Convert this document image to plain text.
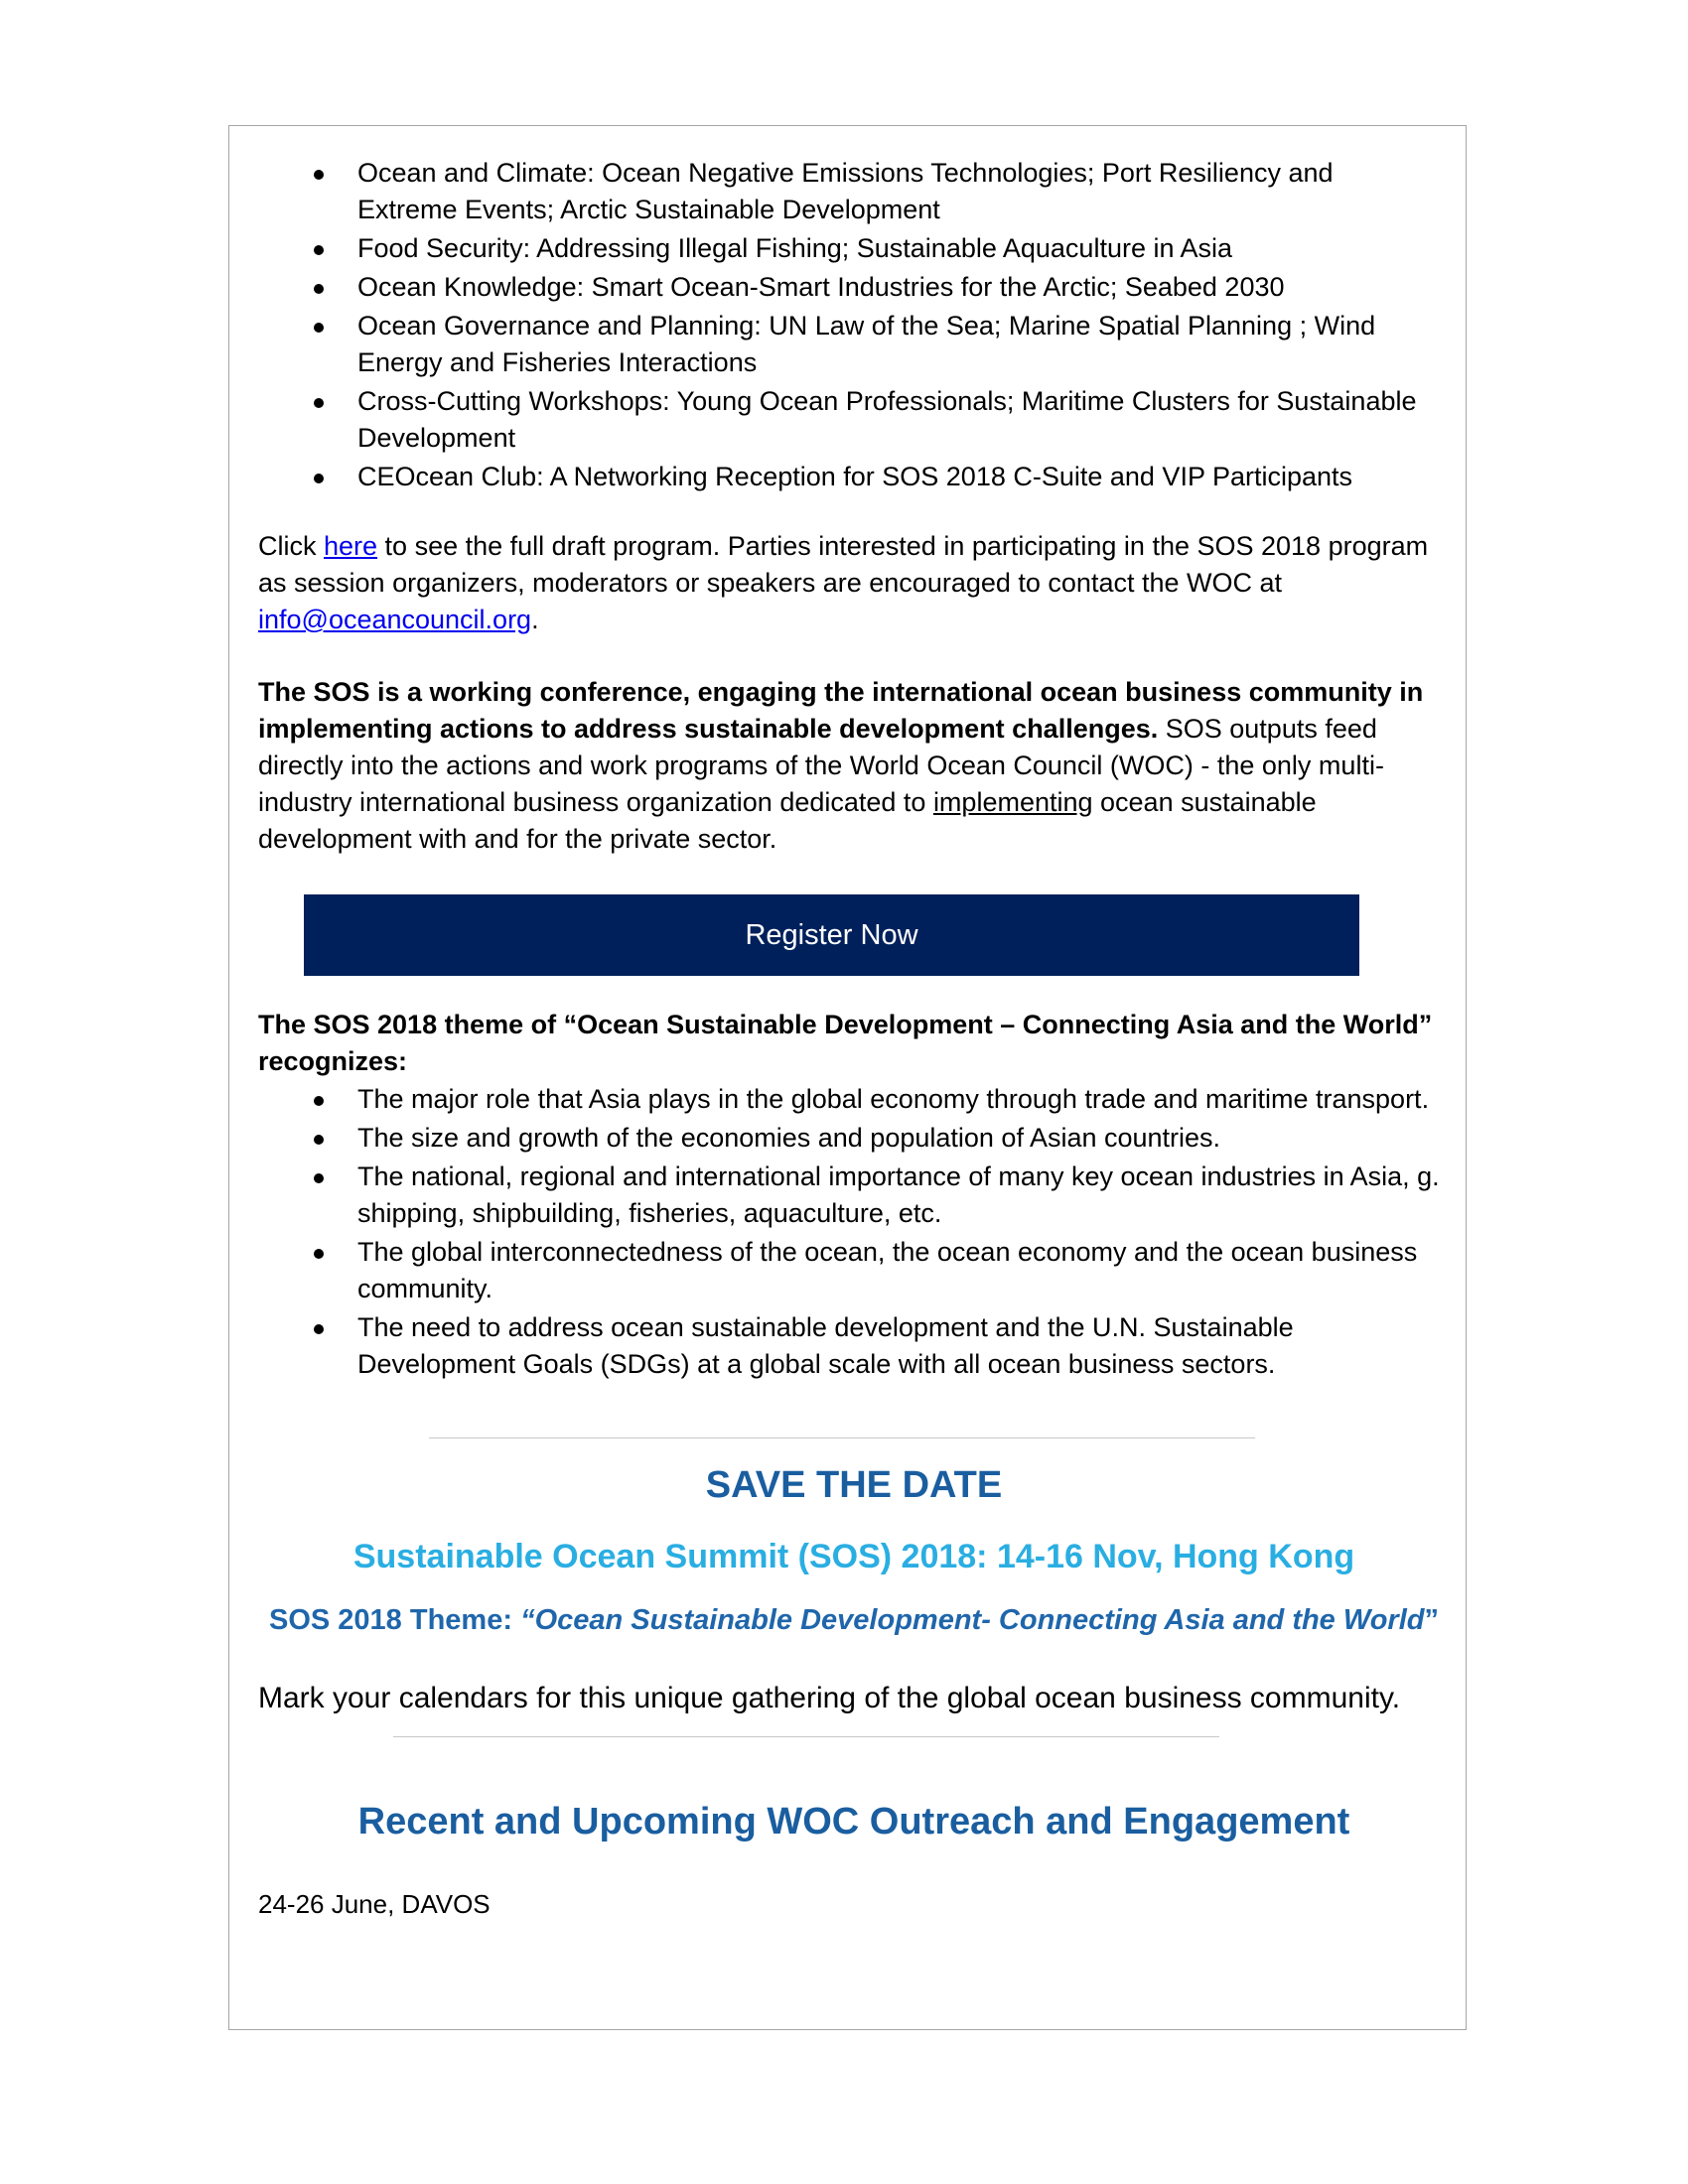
Ocean and Climate: Ocean Negative Emissions Technologies; Port Resiliency and Extreme Events; Arctic Sustainable Development
Food Security: Addressing Illegal Fishing; Sustainable Aquaculture in Asia
Ocean Knowledge: Smart Ocean-Smart Industries for the Arctic; Seabed 2030
Ocean Governance and Planning: UN Law of the Sea; Marine Spatial Planning ; Wind Energy and Fisheries Interactions
Cross-Cutting Workshops: Young Ocean Professionals; Maritime Clusters for Sustainable Development
CEOcean Club: A Networking Reception for SOS 2018 C-Suite and VIP Participants

Click here to see the full draft program. Parties interested in participating in the SOS 2018 program as session organizers, moderators or speakers are encouraged to contact the WOC at info@oceancouncil.org.

The SOS is a working conference, engaging the international ocean business community in implementing actions to address sustainable development challenges. SOS outputs feed directly into the actions and work programs of the World Ocean Council (WOC) - the only multi-industry international business organization dedicated to implementing ocean sustainable development with and for the private sector.

Register Now

The SOS 2018 theme of “Ocean Sustainable Development – Connecting Asia and the World” recognizes:

The major role that Asia plays in the global economy through trade and maritime transport.
The size and growth of the economies and population of Asian countries.
The national, regional and international importance of many key ocean industries in Asia, g. shipping, shipbuilding, fisheries, aquaculture, etc.
The global interconnectedness of the ocean, the ocean economy and the ocean business community.
The need to address ocean sustainable development and the U.N. Sustainable Development Goals (SDGs) at a global scale with all ocean business sectors.
SAVE THE DATE

Sustainable Ocean Summit (SOS) 2018: 14-16 Nov, Hong Kong

SOS 2018 Theme: “Ocean Sustainable Development- Connecting Asia and the World”

Mark your calendars for this unique gathering of the global ocean business community.

Recent and Upcoming WOC Outreach and Engagement

24-26 June, DAVOS
